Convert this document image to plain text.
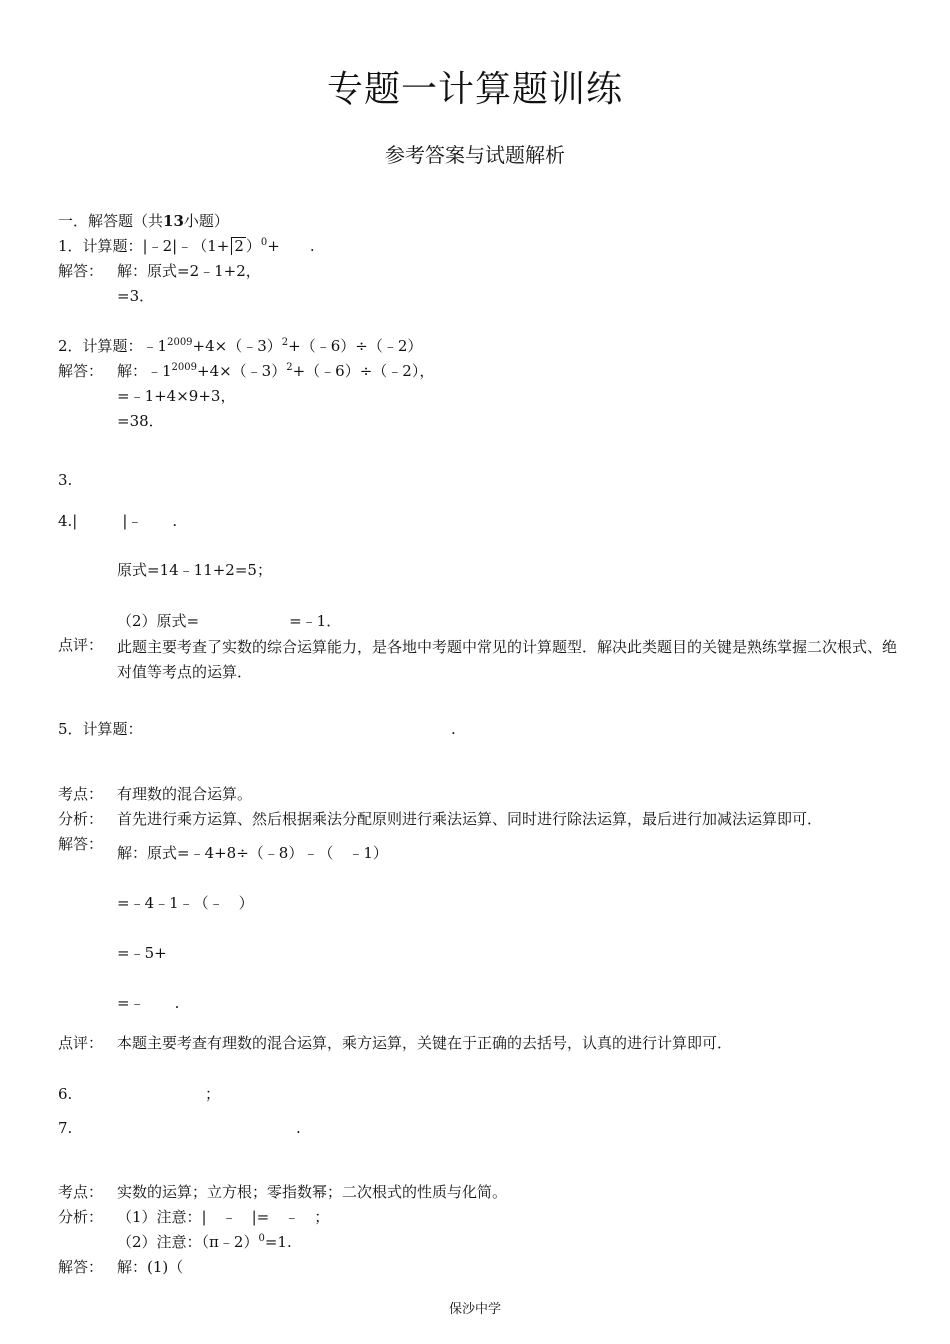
专题一计算题训练
参考答案与试题解析
一．解答题（共13小题）
1．计算题：|﹣2|﹣（1+ 2 ）$^0$+　　.
解答： 解：原式=2﹣1+2，
=3．
2．计算题：$﹣1^{2009}+4\times(﹣3)^2+(﹣6)\div(﹣2)$
解答： 解：$﹣1^{2009}+4\times(﹣3)^2+(﹣6)\div(﹣2)$，
=﹣1+4×9+3，
=38．
3.
4.|　　　|﹣　　.
原式=14﹣11+2=5；
（2）原式=　　　　　　=﹣1．
点评： 此题主要考查了实数的综合运算能力，是各地中考题中常见的计算题型．解决此类题目的关键是熟练掌握二次根式、绝对值等考点的运算．
5．计算题：	.
考点： 有理数的混合运算。
分析： 首先进行乘方运算、然后根据乘法分配原则进行乘法运算、同时进行除法运算，最后进行加减法运算即可．
解答： 解：原式=﹣4+8÷（﹣8）﹣（　﹣1）
=﹣4﹣1﹣（﹣　）
=﹣5+
=﹣　　.
点评： 本题主要考查有理数的混合运算，乘方运算，关键在于正确的去括号，认真的进行计算即可．
6.	；
7.	.
考点： 实数的运算；立方根；零指数幂；二次根式的性质与化简。
分析： （1）注意：|　﹣　|=　﹣　；
（2）注意：（π﹣2）$^0$=1.
解答： 解：(1)（
保沙中学
